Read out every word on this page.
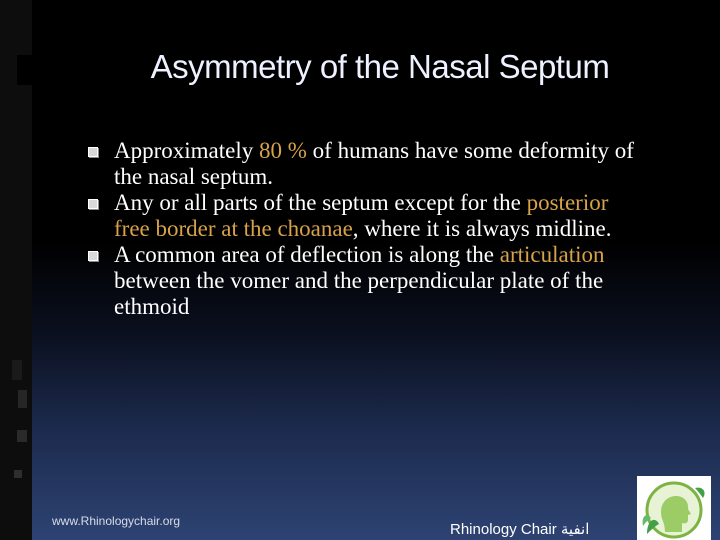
Asymmetry of the Nasal Septum
Approximately 80 % of humans have some deformity of the nasal septum.
Any or all parts of the septum except for the posterior free border at the choanae, where it is always midline.
A common area of deflection is along the articulation between the vomer and the perpendicular plate of the ethmoid
www.Rhinologychair.org	Rhinology Chair انفية
